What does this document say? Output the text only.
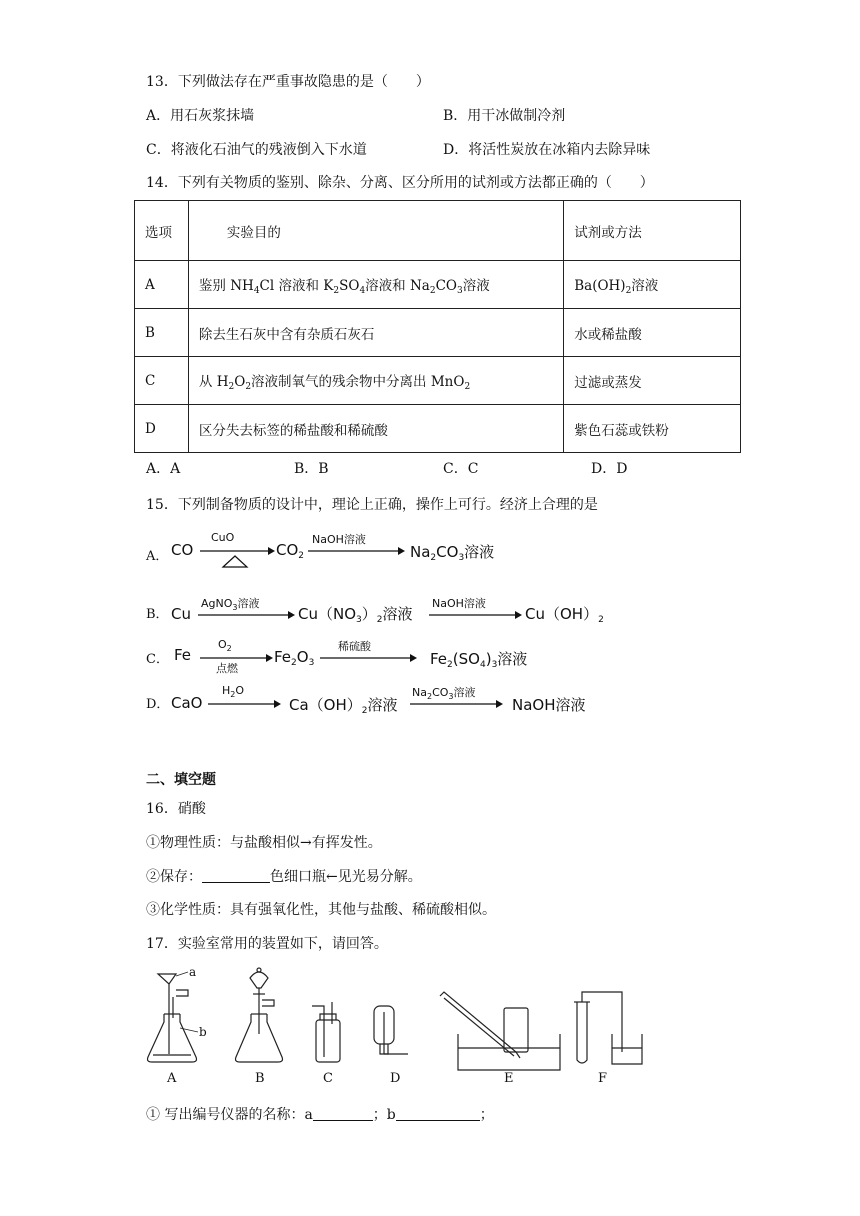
13．下列做法存在严重事故隐患的是（　　）
A．用石灰浆抹墙	B．用干冰做制冷剂
C．将液化石油气的残液倒入下水道	D．将活性炭放在冰箱内去除异味
14．下列有关物质的鉴别、除杂、分离、区分所用的试剂或方法都正确的（　　）
选项	实验目的	试剂或方法
A	鉴别 $NH_4Cl$ 溶液和 $K_2SO_4$溶液和 $Na_2CO_3$溶液	$Ba(OH)_2$溶液
B	除去生石灰中含有杂质石灰石	水或稀盐酸
C	从 $H_2O_2$溶液制氧气的残余物中分离出 MnO$_2$	过滤或蒸发
D	区分失去标签的稀盐酸和稀硫酸	紫色石蕊或铁粉
A．A	B．B	C．C	D．D
15．下列制备物质的设计中，理论上正确，操作上可行。经济上合理的是
A． CO
CuO
$CO_2$
NaOH溶液
$Na_2CO_3$溶液
B． Cu
AgNO$_3$溶液
$Cu(NO_3)_2$溶液
NaOH溶液
$Cu(OH)_2$
C． Fe
$O_2$
点燃
$Fe_2O_3$
稀硫酸
$Fe_2(SO_4)_3$溶液
D． CaO
$H_2O$
$Ca(OH)_2$溶液
$Na_2CO_3$溶液
NaOH溶液
二、填空题
16．硝酸
①物理性质：与盐酸相似→有挥发性。
②保存：	色细口瓶←见光易分解。
③化学性质：具有强氧化性，其他与盐酸、稀硫酸相似。
17．实验室常用的装置如下，请回答。
a
b
A	B	C	D	E	F
① 写出编号仪器的名称：a	；b	；
